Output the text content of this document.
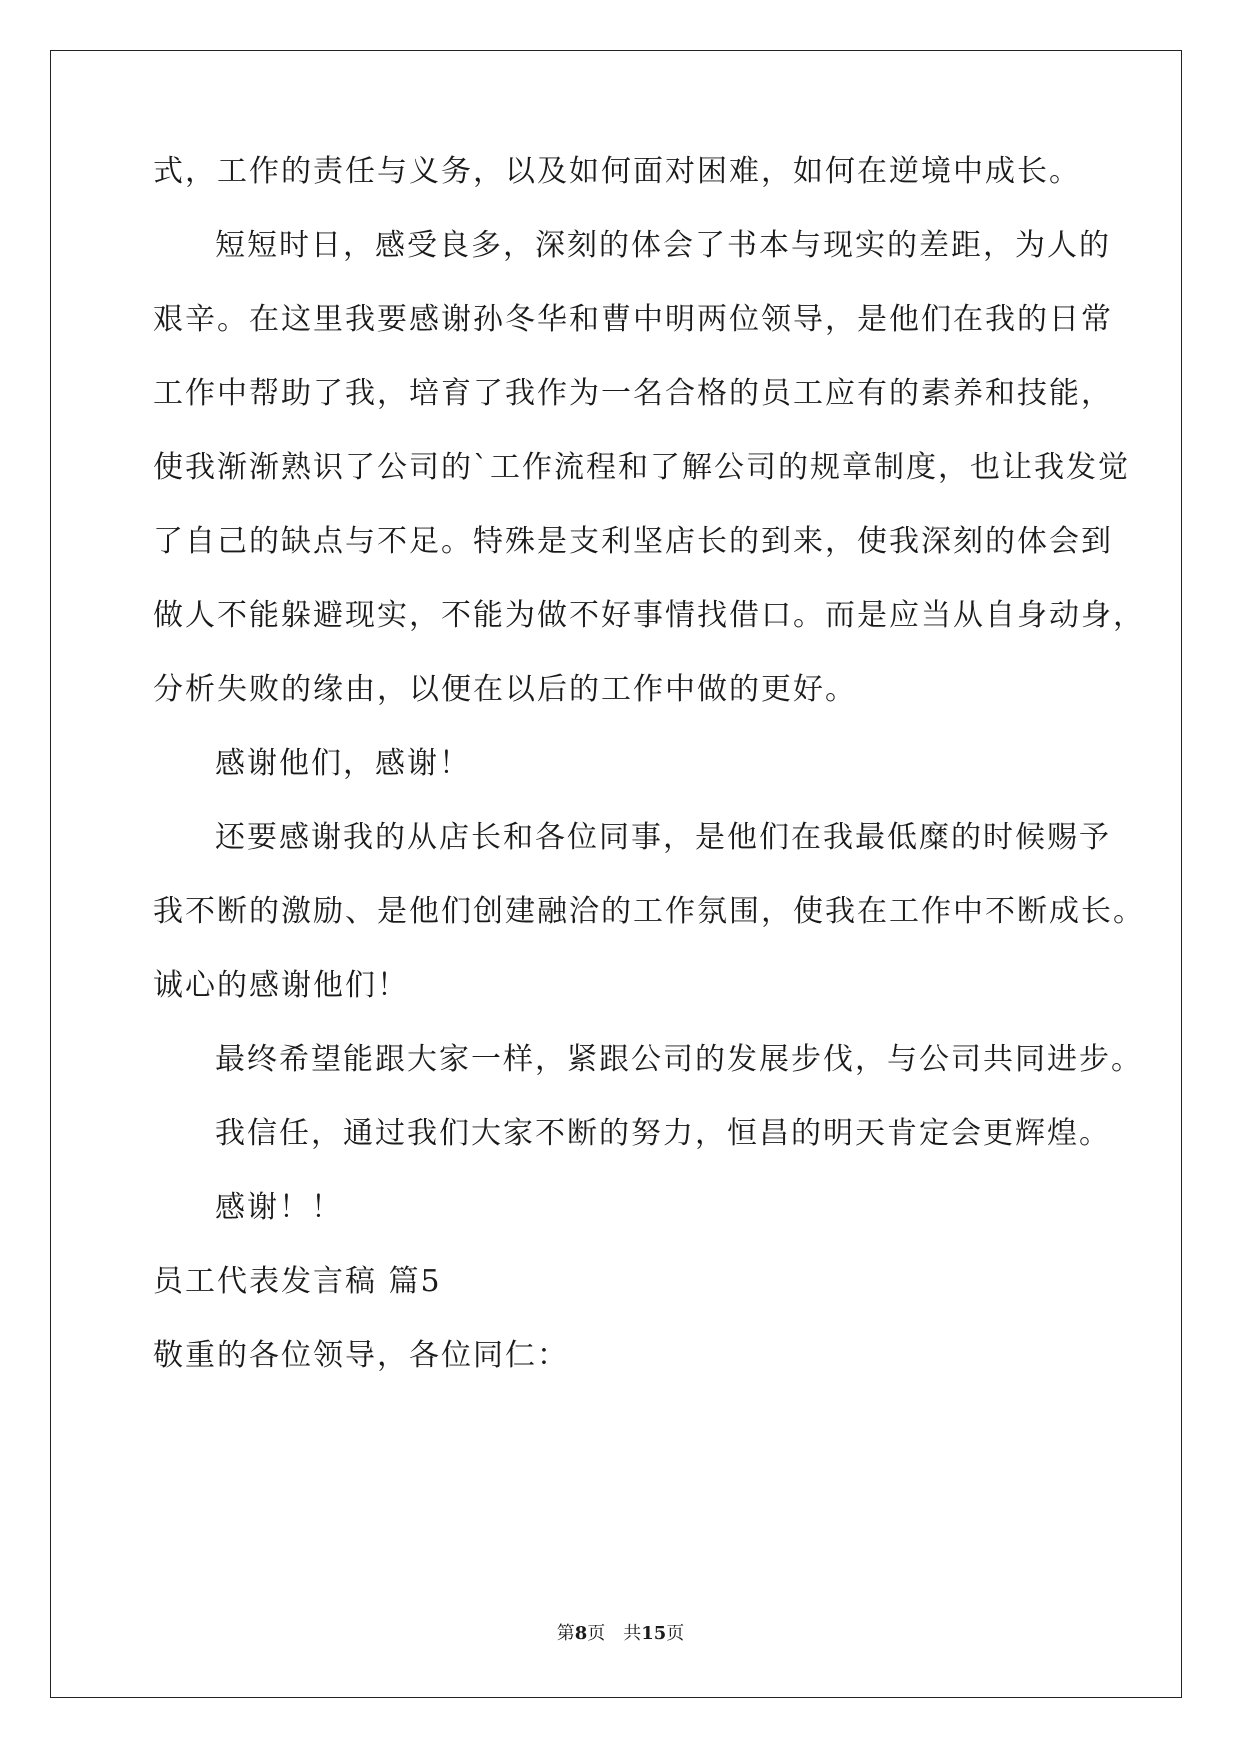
式，工作的责任与义务，以及如何面对困难，如何在逆境中成长。
短短时日，感受良多，深刻的体会了书本与现实的差距，为人的
艰辛。在这里我要感谢孙冬华和曹中明两位领导，是他们在我的日常
工作中帮助了我，培育了我作为一名合格的员工应有的素养和技能，
使我渐渐熟识了公司的`工作流程和了解公司的规章制度，也让我发觉
了自己的缺点与不足。特殊是支利坚店长的到来，使我深刻的体会到
做人不能躲避现实，不能为做不好事情找借口。而是应当从自身动身，
分析失败的缘由，以便在以后的工作中做的更好。
感谢他们，感谢！
还要感谢我的从店长和各位同事，是他们在我最低糜的时候赐予
我不断的激励、是他们创建融洽的工作氛围，使我在工作中不断成长。
诚心的感谢他们！
最终希望能跟大家一样，紧跟公司的发展步伐，与公司共同进步。
我信任，通过我们大家不断的努力，恒昌的明天肯定会更辉煌。
感谢！！
员工代表发言稿 篇5
敬重的各位领导，各位同仁：
第8页　共15页
